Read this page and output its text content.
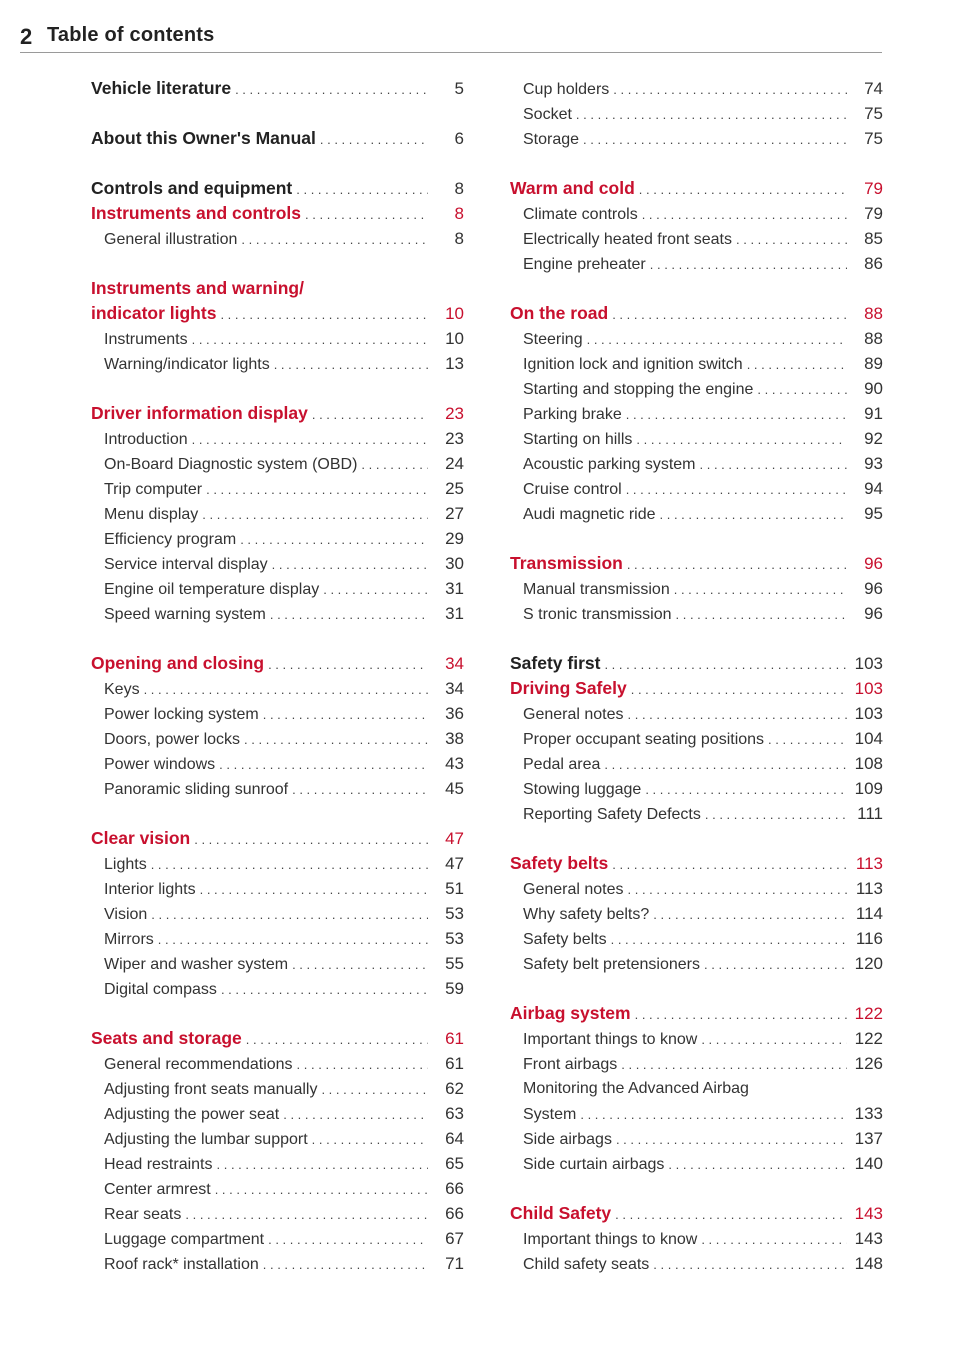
2 Table of contents
Vehicle literature . . .	5
About this Owner's Manual . . .	6
Controls and equipment . . .	8
Instruments and controls . . .	8
General illustration . . .	8
Instruments and warning/
indicator lights . . .	10
Instruments . . .	10
Warning/indicator lights . . .	13
Driver information display . . .	23
Introduction . . .	23
On-Board Diagnostic system (OBD) . . .	24
Trip computer . . .	25
Menu display . . .	27
Efficiency program . . .	29
Service interval display . . .	30
Engine oil temperature display . . .	31
Speed warning system . . .	31
Opening and closing . . .	34
Keys . . .	34
Power locking system . . .	36
Doors, power locks . . .	38
Power windows . . .	43
Panoramic sliding sunroof . . .	45
Clear vision . . .	47
Lights . . .	47
Interior lights . . .	51
Vision . . .	53
Mirrors . . .	53
Wiper and washer system . . .	55
Digital compass . . .	59
Seats and storage . . .	61
General recommendations . . .	61
Adjusting front seats manually . . .	62
Adjusting the power seat . . .	63
Adjusting the lumbar support . . .	64
Head restraints . . .	65
Center armrest . . .	66
Rear seats . . .	66
Luggage compartment . . .	67
Roof rack* installation . . .	71
Cup holders . . .	74
Socket . . .	75
Storage . . .	75
Warm and cold . . .	79
Climate controls . . .	79
Electrically heated front seats . . .	85
Engine preheater . . .	86
On the road . . .	88
Steering . . .	88
Ignition lock and ignition switch . . .	89
Starting and stopping the engine . . .	90
Parking brake . . .	91
Starting on hills . . .	92
Acoustic parking system . . .	93
Cruise control . . .	94
Audi magnetic ride . . .	95
Transmission . . .	96
Manual transmission . . .	96
S tronic transmission . . .	96
Safety first . . .	103
Driving Safely . . .	103
General notes . . .	103
Proper occupant seating positions . . .	104
Pedal area . . .	108
Stowing luggage . . .	109
Reporting Safety Defects . . .	111
Safety belts . . .	113
General notes . . .	113
Why safety belts? . . .	114
Safety belts . . .	116
Safety belt pretensioners . . .	120
Airbag system . . .	122
Important things to know . . .	122
Front airbags . . .	126
Monitoring the Advanced Airbag
System . . .	133
Side airbags . . .	137
Side curtain airbags . . .	140
Child Safety . . .	143
Important things to know . . .	143
Child safety seats . . .	148
